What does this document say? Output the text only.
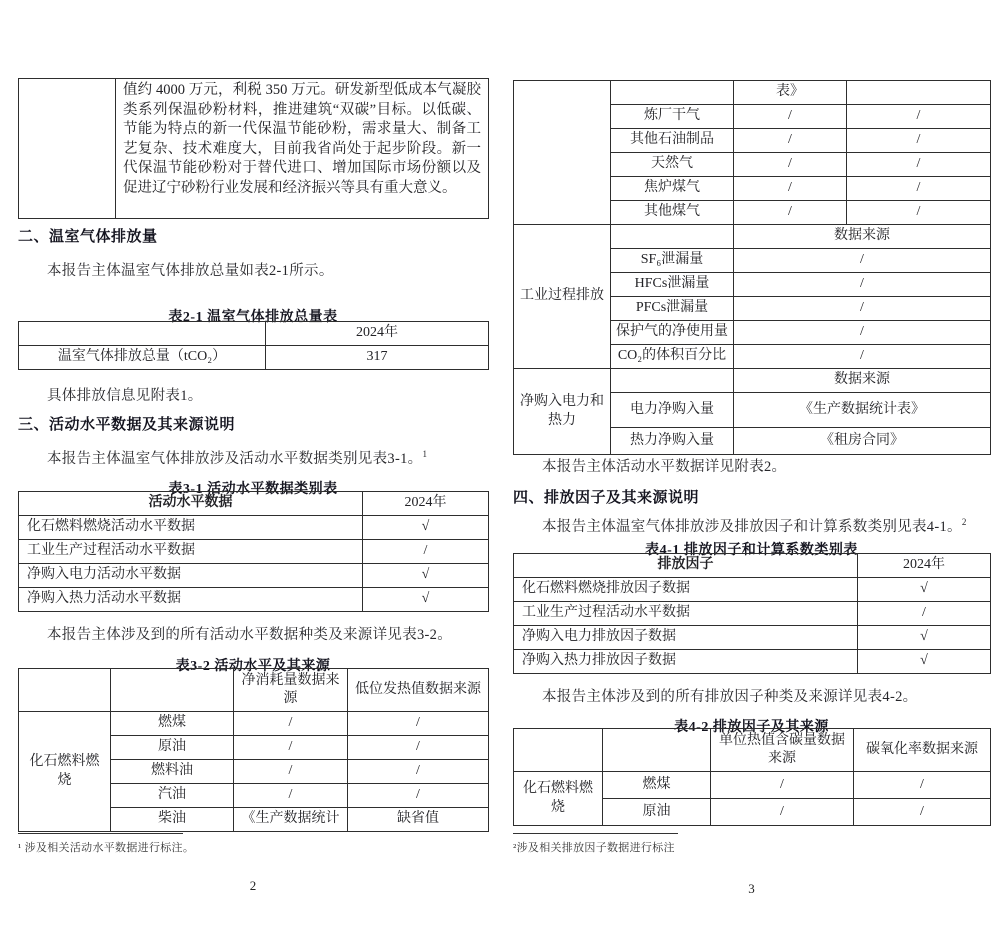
	值约 4000 万元，利税 350 万元。研发新型低成本气凝胶类系列保温砂粉材料，推进建筑“双碳”目标。以低碳、节能为特点的新一代保温节能砂粉，需求量大、制备工艺复杂、技术难度大，目前我省尚处于起步阶段。新一代保温节能砂粉对于替代进口、增加国际市场份额以及促进辽宁砂粉行业发展和经济振兴等具有重大意义。
二、温室气体排放量

本报告主体温室气体排放总量如表2-1所示。

表2-1 温室气体排放总量表
	2024年
温室气体排放总量（tCO₂）	317

具体排放信息见附表1。

三、活动水平数据及其来源说明

本报告主体温室气体排放涉及活动水平数据类别见表3-1。$^1$

表3-1 活动水平数据类别表
活动水平数据	2024年
化石燃料燃烧活动水平数据	√
工业生产过程活动水平数据	/
净购入电力活动水平数据	√
净购入热力活动水平数据	√

本报告主体涉及到的所有活动水平数据种类及来源详见表3-2。

表3-2 活动水平及其来源
		净消耗量数据来源	低位发热值数据来源
化石燃料燃烧	燃煤	/	/
	原油	/	/
	燃料油	/	/
	汽油	/	/
	柴油	《生产数据统计	缺省值
¹ 涉及相关活动水平数据进行标注。
2
		表》	
	炼厂干气	/	/
	其他石油制品	/	/
	天然气	/	/
	焦炉煤气	/	/
	其他煤气	/	/
工业过程排放		数据来源	
	SF₆泄漏量	/	
	HFCs泄漏量	/	
	PFCs泄漏量	/	
	保护气的净使用量	/	
	CO₂的体积百分比	/	
净购入电力和热力		数据来源	
	电力净购入量	《生产数据统计表》	
	热力净购入量	《租房合同》	

本报告主体活动水平数据详见附表2。

四、排放因子及其来源说明

本报告主体温室气体排放涉及排放因子和计算系数类别见表4-1。$^2$

表4-1 排放因子和计算系数类别表
排放因子	2024年
化石燃料燃烧排放因子数据	√
工业生产过程活动水平数据	/
净购入电力排放因子数据	√
净购入热力排放因子数据	√

本报告主体涉及到的所有排放因子种类及来源详见表4-2。

表4-2 排放因子及其来源
		单位热值含碳量数据来源	碳氧化率数据来源
化石燃料燃烧	燃煤	/	/
	原油	/	/
²涉及相关排放因子数据进行标注
3
